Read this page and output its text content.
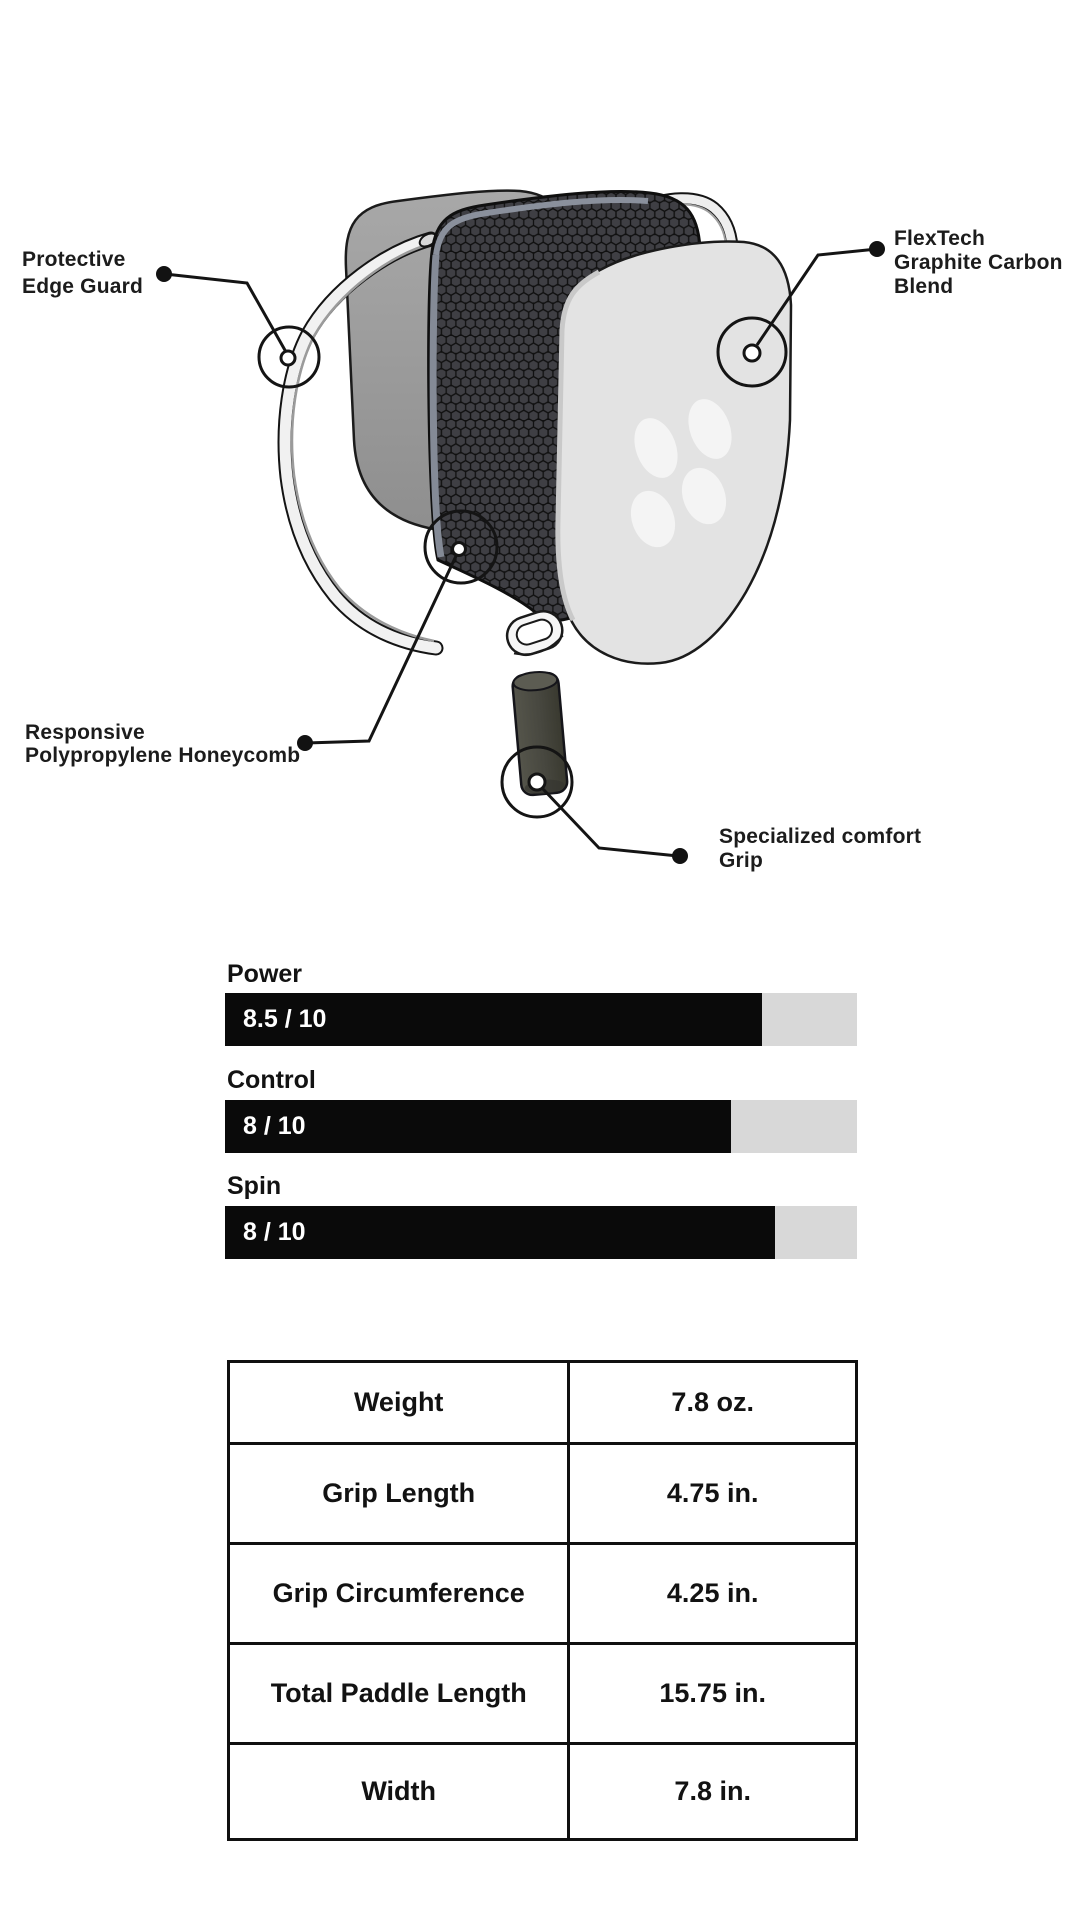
Protective
Edge Guard
FlexTech
Graphite Carbon
Blend
Responsive
Polypropylene Honeycomb
Specialized comfort
Grip
Power
8.5 / 10
Control
8 / 10
Spin
8 / 10
Weight	7.8 oz.
Grip Length	4.75 in.
Grip Circumference	4.25 in.
Total Paddle Length	15.75 in.
Width	7.8 in.
